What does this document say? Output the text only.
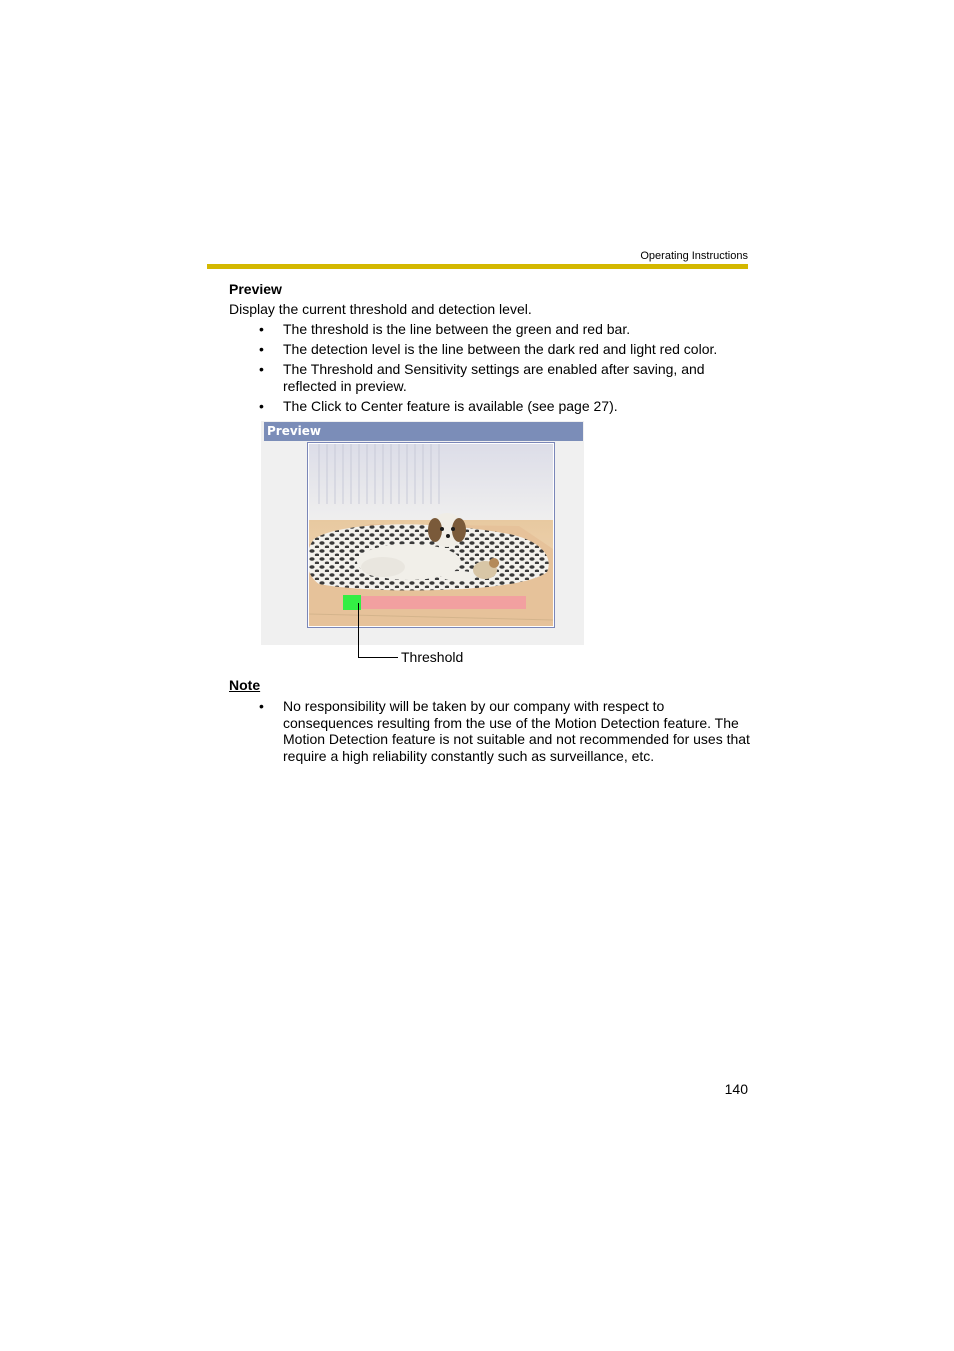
Operating Instructions
Preview
Display the current threshold and detection level.
• The threshold is the line between the green and red bar.
• The detection level is the line between the dark red and light red color.
• The Threshold and Sensitivity settings are enabled after saving, and reflected in preview.
• The Click to Center feature is available (see page 27).
Preview
Threshold
Note
• No responsibility will be taken by our company with respect to consequences resulting from the use of the Motion Detection feature. The Motion Detection feature is not suitable and not recommended for uses that require a high reliability constantly such as surveillance, etc.
140
